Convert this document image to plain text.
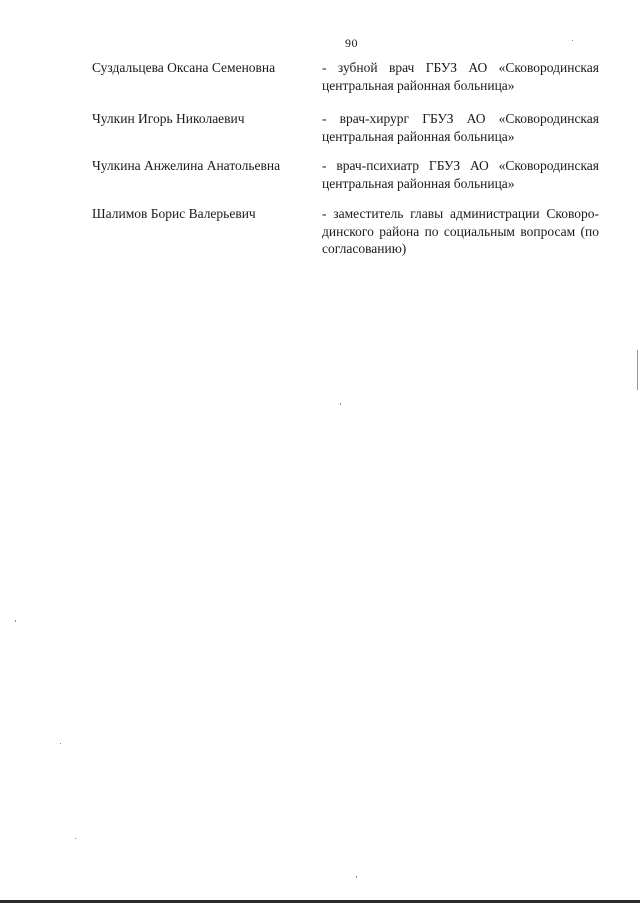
90
Суздальцева Оксана Семеновна	- зубной врач ГБУЗ АО «Сковородинская
центральная районная больница»
Чулкин Игорь Николаевич	- врач-хирург ГБУЗ АО «Сковородинская
центральная районная больница»
Чулкина Анжелина Анатольевна	- врач-психиатр ГБУЗ АО «Сковородинская
центральная районная больница»
Шалимов Борис Валерьевич	- заместитель главы администрации Сковоро-
динского района по социальным вопросам (по
согласованию)
